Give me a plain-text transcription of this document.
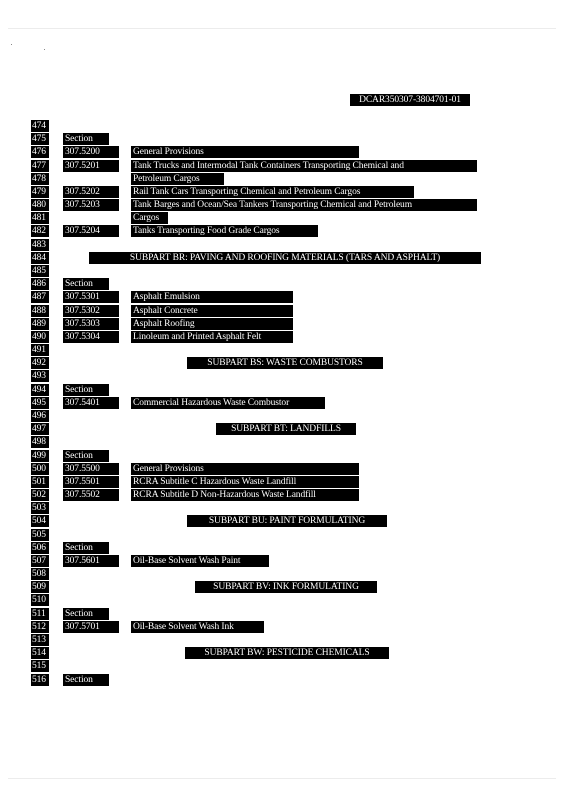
DCAR350307-3804701-01
474
475	Section
476	307.5200	General Provisions
477	307.5201	Tank Trucks and Intermodal Tank Containers Transporting Chemical and
478	Petroleum Cargos
479	307.5202	Rail Tank Cars Transporting Chemical and Petroleum Cargos
480	307.5203	Tank Barges and Ocean/Sea Tankers Transporting Chemical and Petroleum
481	Cargos
482	307.5204	Tanks Transporting Food Grade Cargos
483
484	SUBPART BR: PAVING AND ROOFING MATERIALS (TARS AND ASPHALT)
485
486	Section
487	307.5301	Asphalt Emulsion
488	307.5302	Asphalt Concrete
489	307.5303	Asphalt Roofing
490	307.5304	Linoleum and Printed Asphalt Felt
491
492	SUBPART BS: WASTE COMBUSTORS
493
494	Section
495	307.5401	Commercial Hazardous Waste Combustor
496
497	SUBPART BT: LANDFILLS
498
499	Section
500	307.5500	General Provisions
501	307.5501	RCRA Subtitle C Hazardous Waste Landfill
502	307.5502	RCRA Subtitle D Non-Hazardous Waste Landfill
503
504	SUBPART BU: PAINT FORMULATING
505
506	Section
507	307.5601	Oil-Base Solvent Wash Paint
508
509	SUBPART BV: INK FORMULATING
510
511	Section
512	307.5701	Oil-Base Solvent Wash Ink
513
514	SUBPART BW: PESTICIDE CHEMICALS
515
516	Section
